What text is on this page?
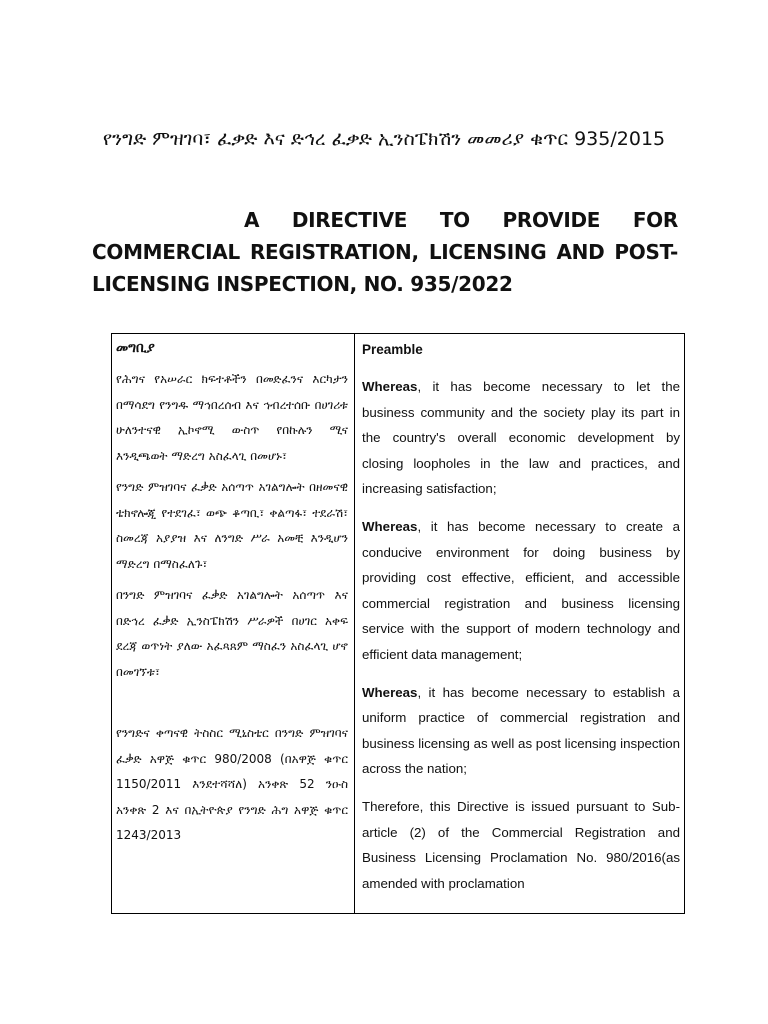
የንግድ ምዝገባ፣ ፈቃድ እና ድኅረ ፈቃድ ኢንስፔክሽን መመሪያ ቁጥር 935/2015
A DIRECTIVE TO PROVIDE FOR COMMERCIAL REGISTRATION, LICENSING AND POST-LICENSING INSPECTION, NO. 935/2022

መግቢያ

የሕግና የአሠራር ክፍተቶችን በመድፈንና እርካታን በማሳደግ የንግዱ ማኅበረሰብ እና ኅብረተሰቡ በሀገሪቱ ሁለንተናዊ ኢኮኖሚ ውስጥ የበኩሉን ሚና እንዲጫወት ማድረግ አስፈላጊ በመሆኑ፣

የንግድ ምዝገባና ፈቃድ አሰጣጥ አገልግሎት በዘመናዊ ቴክኖሎጂ የተደገፈ፣ ወጭ ቆጣቢ፣ ቀልጣፋ፣ ተደራሽ፣ ስመረጃ አያያዝ እና ለንግድ ሥራ አመቺ እንዲሆን ማድረግ በማስፈለጉ፣

በንግድ ምዝገባና ፈቃድ አገልግሎት አሰጣጥ እና በድኅረ ፈቃድ ኢንስፔክሽን ሥራዎች በሀገር አቀፍ ደረጃ ወጥነት ያለው አፈጻጸም ማስፈን አስፈላጊ ሆኖ በመገኘቱ፣

የንግድና ቀጣናዊ ትስስር ሚኒስቴር በንግድ ምዝገባና ፈቃድ አዋጅ ቁጥር 980/2008 (በአዋጅ ቁጥር 1150/2011 እንደተሻሻለ) አንቀጽ 52 ንዑስ አንቀጽ 2 እና በኢትዮጵያ የንግድ ሕግ አዋጅ ቁጥር 1243/2013

Preamble

Whereas, it has become necessary to let the business community and the society play its part in the country's overall economic development by closing loopholes in the law and practices, and increasing satisfaction;

Whereas, it has become necessary to create a conducive environment for doing business by providing cost effective, efficient, and accessible commercial registration and business licensing service with the support of modern technology and efficient data management;

Whereas, it has become necessary to establish a uniform practice of commercial registration and business licensing as well as post licensing inspection across the nation;

Therefore, this Directive is issued pursuant to Sub-article (2) of the Commercial Registration and Business Licensing Proclamation No. 980/2016(as amended with proclamation
